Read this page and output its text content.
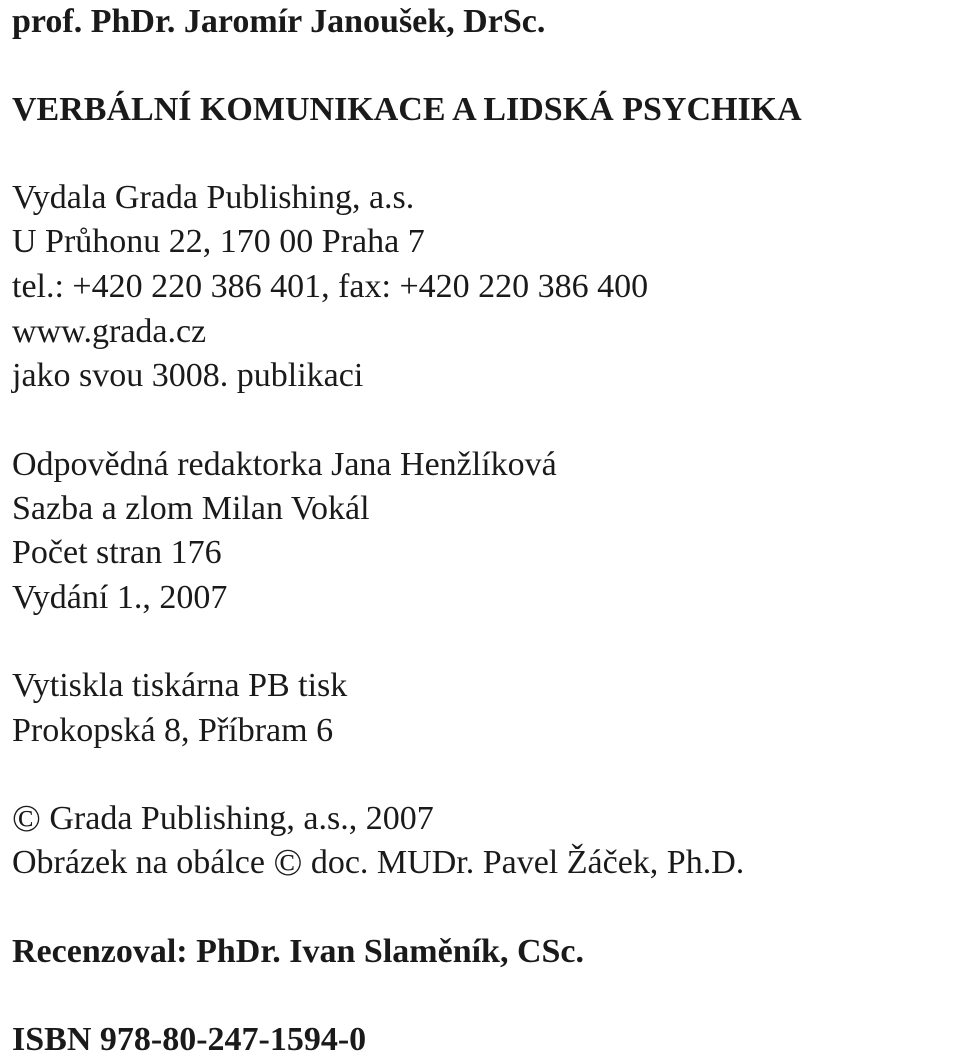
prof. PhDr. Jaromír Janoušek, DrSc.
VERBÁLNÍ KOMUNIKACE A LIDSKÁ PSYCHIKA
Vydala Grada Publishing, a.s.
U Průhonu 22, 170 00 Praha 7
tel.: +420 220 386 401, fax: +420 220 386 400
www.grada.cz
jako svou 3008. publikaci
Odpovědná redaktorka Jana Henžlíková
Sazba a zlom Milan Vokál
Počet stran 176
Vydání 1., 2007
Vytiskla tiskárna PB tisk
Prokopská 8, Příbram 6
© Grada Publishing, a.s., 2007
Obrázek na obálce © doc. MUDr. Pavel Žáček, Ph.D.
Recenzoval: PhDr. Ivan Slaměník, CSc.
ISBN 978-80-247-1594-0
